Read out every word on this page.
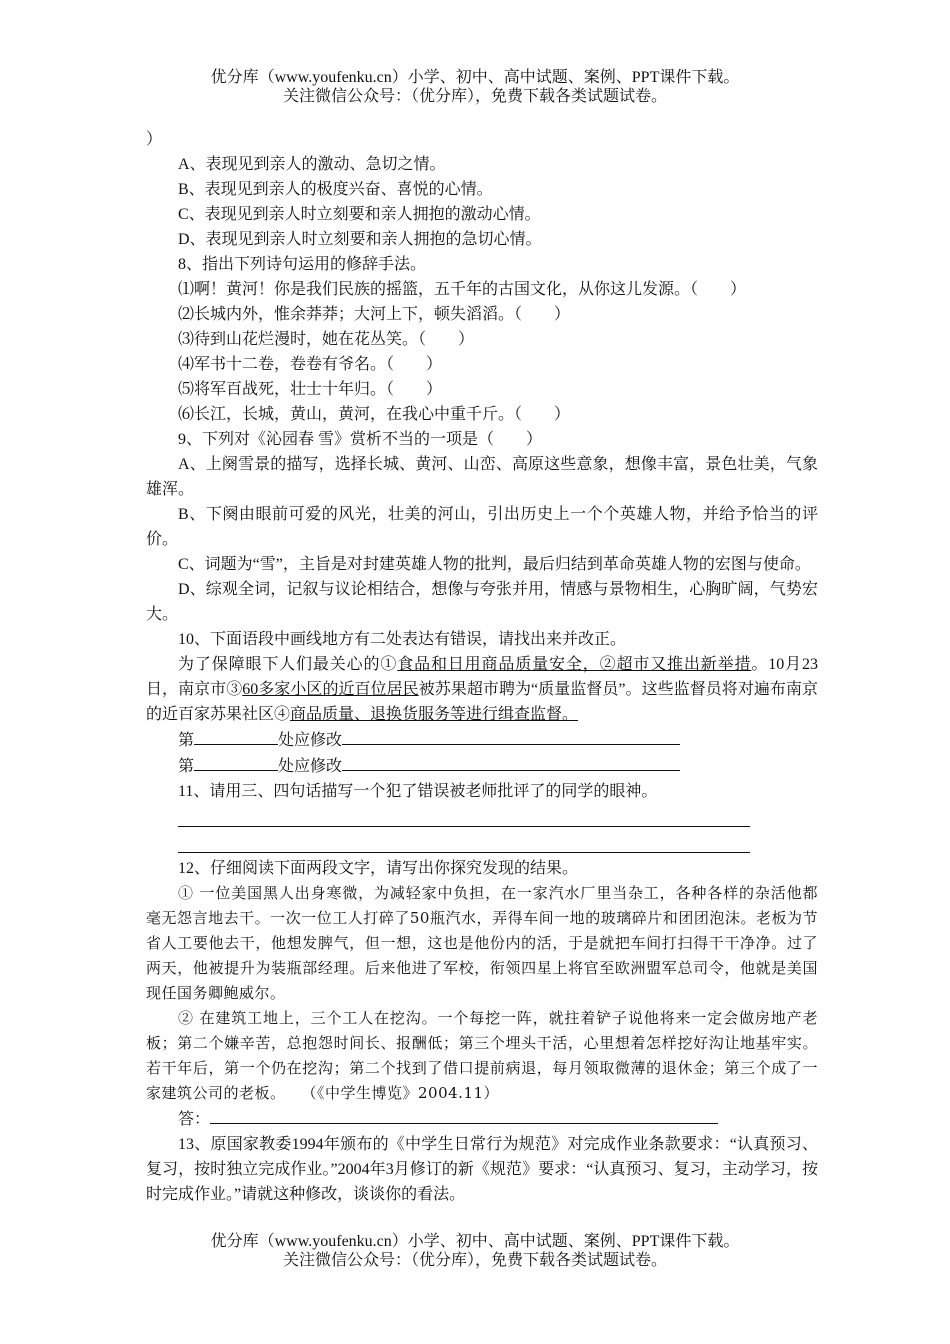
优分库（www.youfenku.cn）小学、初中、高中试题、案例、PPT课件下载。

关注微信公众号：（优分库），免费下载各类试题试卷。

）

A、表现见到亲人的激动、急切之情。

B、表现见到亲人的极度兴奋、喜悦的心情。

C、表现见到亲人时立刻要和亲人拥抱的激动心情。

D、表现见到亲人时立刻要和亲人拥抱的急切心情。

8、指出下列诗句运用的修辞手法。

⑴啊！黄河！你是我们民族的摇篮，五千年的古国文化，从你这儿发源。（　　）

⑵长城内外，惟余莽莽；大河上下，顿失滔滔。（　　）

⑶待到山花烂漫时，她在花丛笑。（　　）

⑷军书十二卷，卷卷有爷名。（　　）

⑸将军百战死，壮士十年归。（　　）

⑹长江，长城，黄山，黄河，在我心中重千斤。（　　）

9、下列对《沁园春 雪》赏析不当的一项是（　　）

A、上阕雪景的描写，选择长城、黄河、山峦、高原这些意象，想像丰富，景色壮美，气象雄浑。

B、下阕由眼前可爱的风光，壮美的河山，引出历史上一个个英雄人物，并给予恰当的评价。

C、词题为“雪”，主旨是对封建英雄人物的批判，最后归结到革命英雄人物的宏图与使命。

D、综观全词，记叙与议论相结合，想像与夸张并用，情感与景物相生，心胸旷阔，气势宏大。

10、下面语段中画线地方有二处表达有错误，请找出来并改正。

为了保障眼下人们最关心的①食品和日用商品质量安全，②超市又推出新举措。10月23日，南京市③60多家小区的近百位居民被苏果超市聘为“质量监督员”。这些监督员将对遍布南京的近百家苏果社区④商品质量、退换货服务等进行缉查监督。

第	处应修改

第	处应修改

11、请用三、四句话描写一个犯了错误被老师批评了的同学的眼神。

12、仔细阅读下面两段文字，请写出你探究发现的结果。

① 一位美国黑人出身寒微，为减轻家中负担，在一家汽水厂里当杂工，各种各样的杂活他都毫无怨言地去干。一次一位工人打碎了50瓶汽水，弄得车间一地的玻璃碎片和团团泡沫。老板为节省人工要他去干，他想发脾气，但一想，这也是他份内的活，于是就把车间打扫得干干净净。过了两天，他被提升为装瓶部经理。后来他进了军校，衔领四星上将官至欧洲盟军总司令，他就是美国现任国务卿鲍威尔。

② 在建筑工地上，三个工人在挖沟。一个每挖一阵，就拄着铲子说他将来一定会做房地产老板；第二个嫌辛苦，总抱怨时间长、报酬低；第三个埋头干活，心里想着怎样挖好沟让地基牢实。若干年后，第一个仍在挖沟；第二个找到了借口提前病退，每月领取微薄的退休金；第三个成了一家建筑公司的老板。　　（《中学生博览》2004.11）

答：

13、原国家教委1994年颁布的《中学生日常行为规范》对完成作业条款要求：“认真预习、复习，按时独立完成作业。”2004年3月修订的新《规范》要求：“认真预习、复习，主动学习，按时完成作业。”请就这种修改，谈谈你的看法。

优分库（www.youfenku.cn）小学、初中、高中试题、案例、PPT课件下载。

关注微信公众号：（优分库），免费下载各类试题试卷。
